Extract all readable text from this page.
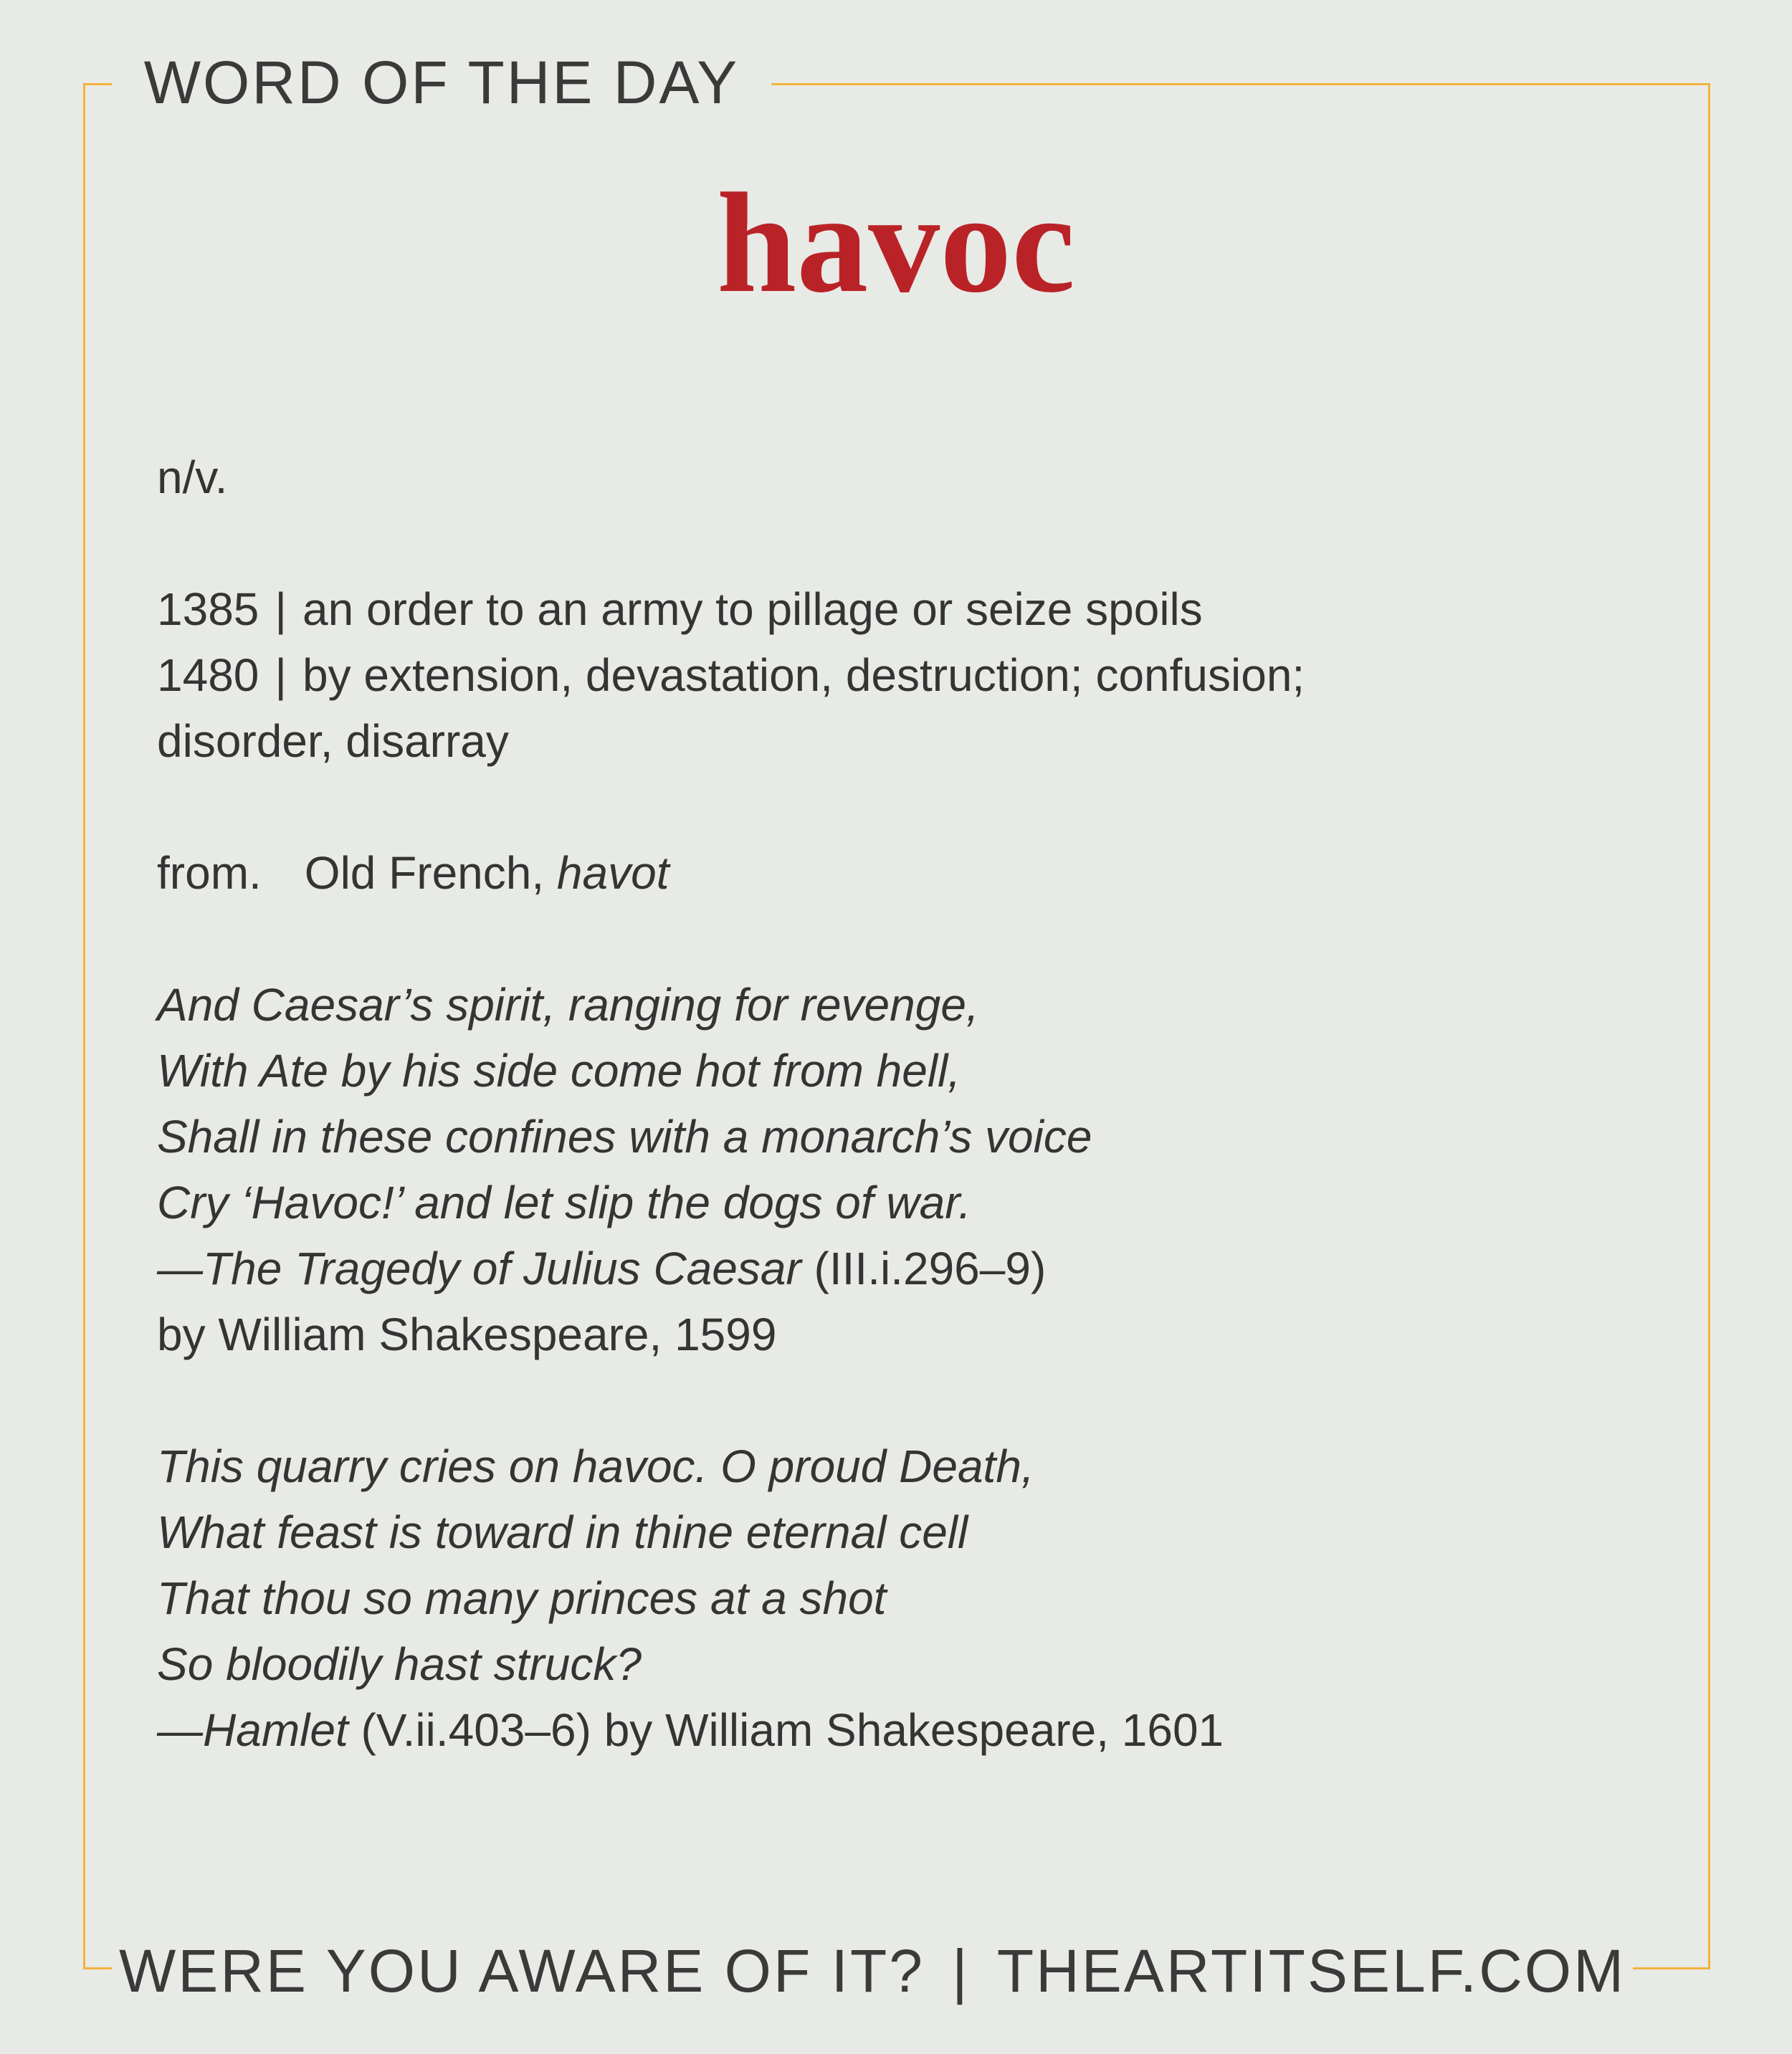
WORD OF THE DAY
havoc
n/v.
1385 | an order to an army to pillage or seize spoils
1480 | by extension, devastation, destruction; confusion;
disorder, disarray
from. Old French, havot
And Caesar’s spirit, ranging for revenge,
With Ate by his side come hot from hell,
Shall in these confines with a monarch’s voice
Cry ‘Havoc!’ and let slip the dogs of war.
—The Tragedy of Julius Caesar (III.i.296–9)
by William Shakespeare, 1599
This quarry cries on havoc. O proud Death,
What feast is toward in thine eternal cell
That thou so many princes at a shot
So bloodily hast struck?
—Hamlet (V.ii.403–6) by William Shakespeare, 1601
WERE YOU AWARE OF IT? | THEARTITSELF.COM
